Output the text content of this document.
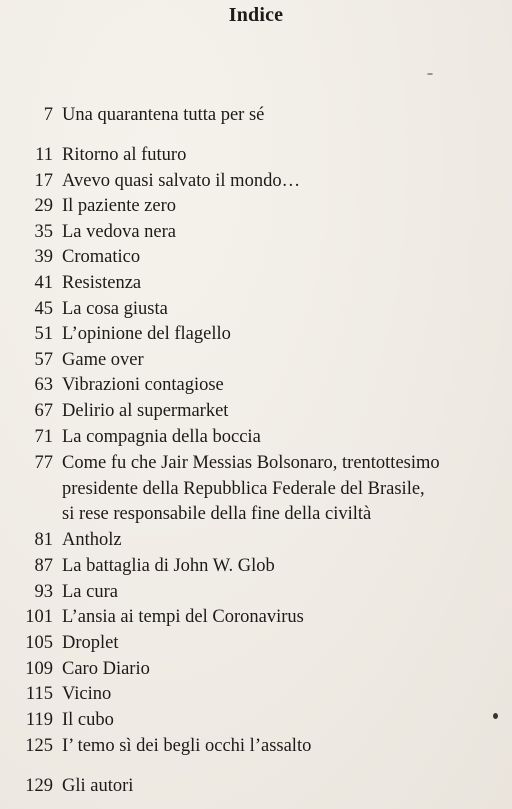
Indice
7 Una quarantena tutta per sé
11 Ritorno al futuro
17 Avevo quasi salvato il mondo…
29 Il paziente zero
35 La vedova nera
39 Cromatico
41 Resistenza
45 La cosa giusta
51 L’opinione del flagello
57 Game over
63 Vibrazioni contagiose
67 Delirio al supermarket
71 La compagnia della boccia
77 Come fu che Jair Messias Bolsonaro, trentottesimo
presidente della Repubblica Federale del Brasile,
si rese responsabile della fine della civiltà
81 Antholz
87 La battaglia di John W. Glob
93 La cura
101 L’ansia ai tempi del Coronavirus
105 Droplet
109 Caro Diario
115 Vicino
119 Il cubo
125 I’ temo sì dei begli occhi l’assalto
129 Gli autori
